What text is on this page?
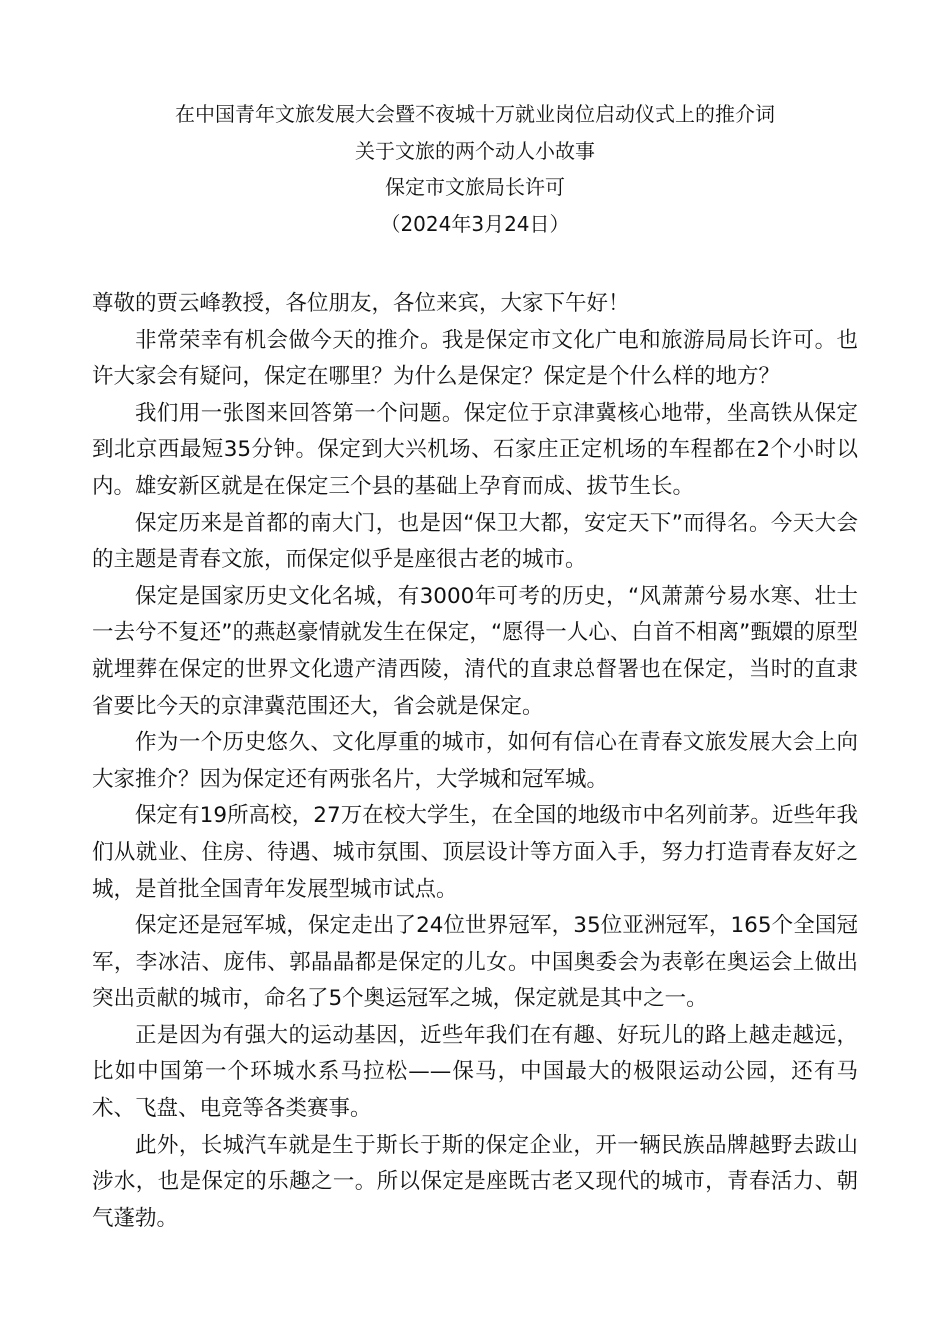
在中国青年文旅发展大会暨不夜城十万就业岗位启动仪式上的推介词
关于文旅的两个动人小故事
保定市文旅局长许可
（2024年3月24日）

尊敬的贾云峰教授，各位朋友，各位来宾，大家下午好！

非常荣幸有机会做今天的推介。我是保定市文化广电和旅游局局长许可。也许大家会有疑问，保定在哪里？为什么是保定？保定是个什么样的地方？

我们用一张图来回答第一个问题。保定位于京津冀核心地带，坐高铁从保定到北京西最短35分钟。保定到大兴机场、石家庄正定机场的车程都在2个小时以内。雄安新区就是在保定三个县的基础上孕育而成、拔节生长。

保定历来是首都的南大门，也是因“保卫大都，安定天下”而得名。今天大会的主题是青春文旅，而保定似乎是座很古老的城市。

保定是国家历史文化名城，有3000年可考的历史，“风萧萧兮易水寒、壮士一去兮不复还”的燕赵豪情就发生在保定，“愿得一人心、白首不相离”甄嬛的原型就埋葬在保定的世界文化遗产清西陵，清代的直隶总督署也在保定，当时的直隶省要比今天的京津冀范围还大，省会就是保定。

作为一个历史悠久、文化厚重的城市，如何有信心在青春文旅发展大会上向大家推介？因为保定还有两张名片，大学城和冠军城。

保定有19所高校，27万在校大学生，在全国的地级市中名列前茅。近些年我们从就业、住房、待遇、城市氛围、顶层设计等方面入手，努力打造青春友好之城，是首批全国青年发展型城市试点。

保定还是冠军城，保定走出了24位世界冠军，35位亚洲冠军，165个全国冠军，李冰洁、庞伟、郭晶晶都是保定的儿女。中国奥委会为表彰在奥运会上做出突出贡献的城市，命名了5个奥运冠军之城，保定就是其中之一。

正是因为有强大的运动基因，近些年我们在有趣、好玩儿的路上越走越远，比如中国第一个环城水系马拉松——保马，中国最大的极限运动公园，还有马术、飞盘、电竞等各类赛事。

此外，长城汽车就是生于斯长于斯的保定企业，开一辆民族品牌越野去跋山涉水，也是保定的乐趣之一。所以保定是座既古老又现代的城市，青春活力、朝气蓬勃。
